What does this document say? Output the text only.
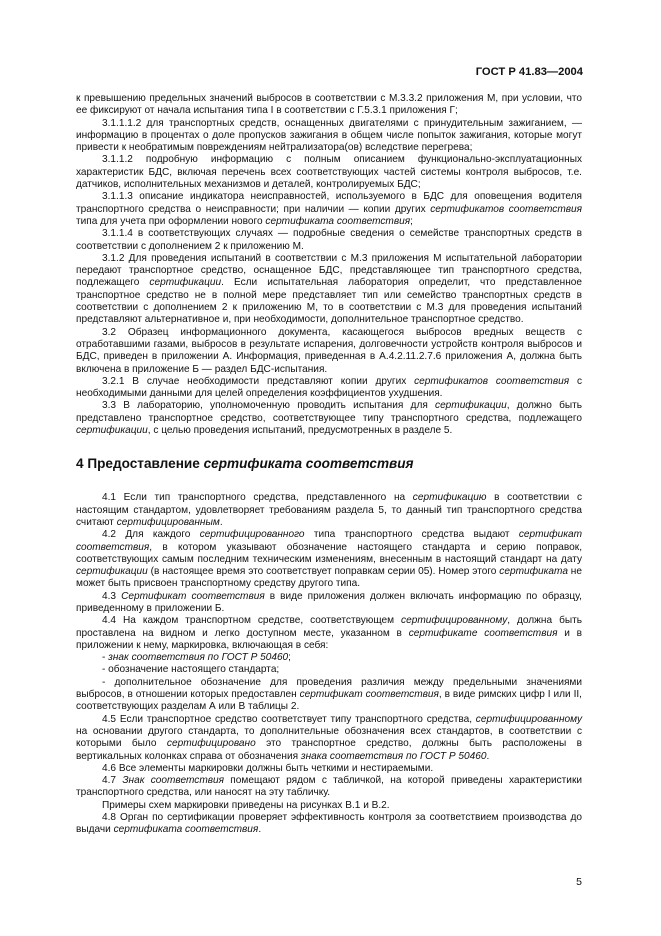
ГОСТ Р 41.83—2004

к превышению предельных значений выбросов в соответствии с М.3.3.2 приложения М, при условии, что ее фиксируют от начала испытания типа I в соответствии с Г.5.3.1 приложения Г;

3.1.1.1.2 для транспортных средств, оснащенных двигателями с принудительным зажиганием, — информацию в процентах о доле пропусков зажигания в общем числе попыток зажигания, которые могут привести к необратимым повреждениям нейтрализатора(ов) вследствие перегрева;

3.1.1.2 подробную информацию с полным описанием функционально-эксплуатационных характеристик БДС, включая перечень всех соответствующих частей системы контроля выбросов, т.е. датчиков, исполнительных механизмов и деталей, контролируемых БДС;

3.1.1.3 описание индикатора неисправностей, используемого в БДС для оповещения водителя транспортного средства о неисправности; при наличии — копии других сертификатов соответствия типа для учета при оформлении нового сертификата соответствия;

3.1.1.4 в соответствующих случаях — подробные сведения о семействе транспортных средств в соответствии с дополнением 2 к приложению М.

3.1.2 Для проведения испытаний в соответствии с М.3 приложения М испытательной лаборатории передают транспортное средство, оснащенное БДС, представляющее тип транспортного средства, подлежащего сертификации. Если испытательная лаборатория определит, что представленное транспортное средство не в полной мере представляет тип или семейство транспортных средств в соответствии с дополнением 2 к приложению М, то в соответствии с М.3 для проведения испытаний представляют альтернативное и, при необходимости, дополнительное транспортное средство.

3.2 Образец информационного документа, касающегося выбросов вредных веществ с отработавшими газами, выбросов в результате испарения, долговечности устройств контроля выбросов и БДС, приведен в приложении А. Информация, приведенная в А.4.2.11.2.7.6 приложения А, должна быть включена в приложение Б — раздел БДС-испытания.

3.2.1 В случае необходимости представляют копии других сертификатов соответствия с необходимыми данными для целей определения коэффициентов ухудшения.

3.3 В лабораторию, уполномоченную проводить испытания для сертификации, должно быть представлено транспортное средство, соответствующее типу транспортного средства, подлежащего сертификации, с целью проведения испытаний, предусмотренных в разделе 5.

4 Предоставление сертификата соответствия

4.1 Если тип транспортного средства, представленного на сертификацию в соответствии с настоящим стандартом, удовлетворяет требованиям раздела 5, то данный тип транспортного средства считают сертифицированным.

4.2 Для каждого сертифицированного типа транспортного средства выдают сертификат соответствия, в котором указывают обозначение настоящего стандарта и серию поправок, соответствующих самым последним техническим изменениям, внесенным в настоящий стандарт на дату сертификации (в настоящее время это соответствует поправкам серии 05). Номер этого сертификата не может быть присвоен транспортному средству другого типа.

4.3 Сертификат соответствия в виде приложения должен включать информацию по образцу, приведенному в приложении Б.

4.4 На каждом транспортном средстве, соответствующем сертифицированному, должна быть проставлена на видном и легко доступном месте, указанном в сертификате соответствия и в приложении к нему, маркировка, включающая в себя:

- знак соответствия по ГОСТ Р 50460;

- обозначение настоящего стандарта;

- дополнительное обозначение для проведения различия между предельными значениями выбросов, в отношении которых предоставлен сертификат соответствия, в виде римских цифр I или II, соответствующих разделам А или В таблицы 2.

4.5 Если транспортное средство соответствует типу транспортного средства, сертифицированному на основании другого стандарта, то дополнительные обозначения всех стандартов, в соответствии с которыми было сертифицировано это транспортное средство, должны быть расположены в вертикальных колонках справа от обозначения знака соответствия по ГОСТ Р 50460.

4.6 Все элементы маркировки должны быть четкими и нестираемыми.

4.7 Знак соответствия помещают рядом с табличкой, на которой приведены характеристики транспортного средства, или наносят на эту табличку.

Примеры схем маркировки приведены на рисунках В.1 и В.2.

4.8 Орган по сертификации проверяет эффективность контроля за соответствием производства до выдачи сертификата соответствия.

5
